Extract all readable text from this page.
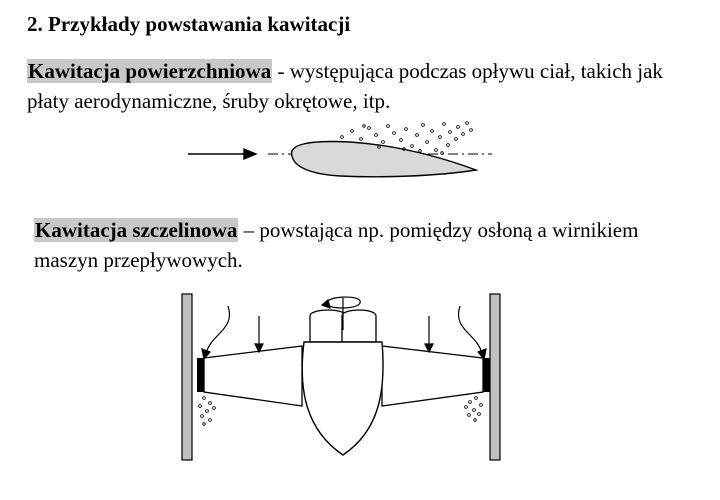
2. Przykłady powstawania kawitacji

Kawitacja powierzchniowa - występująca podczas opływu ciał, takich jak płaty aerodynamiczne, śruby okrętowe, itp.

Kawitacja szczelinowa – powstająca np. pomiędzy osłoną a wirnikiem maszyn przepływowych.
